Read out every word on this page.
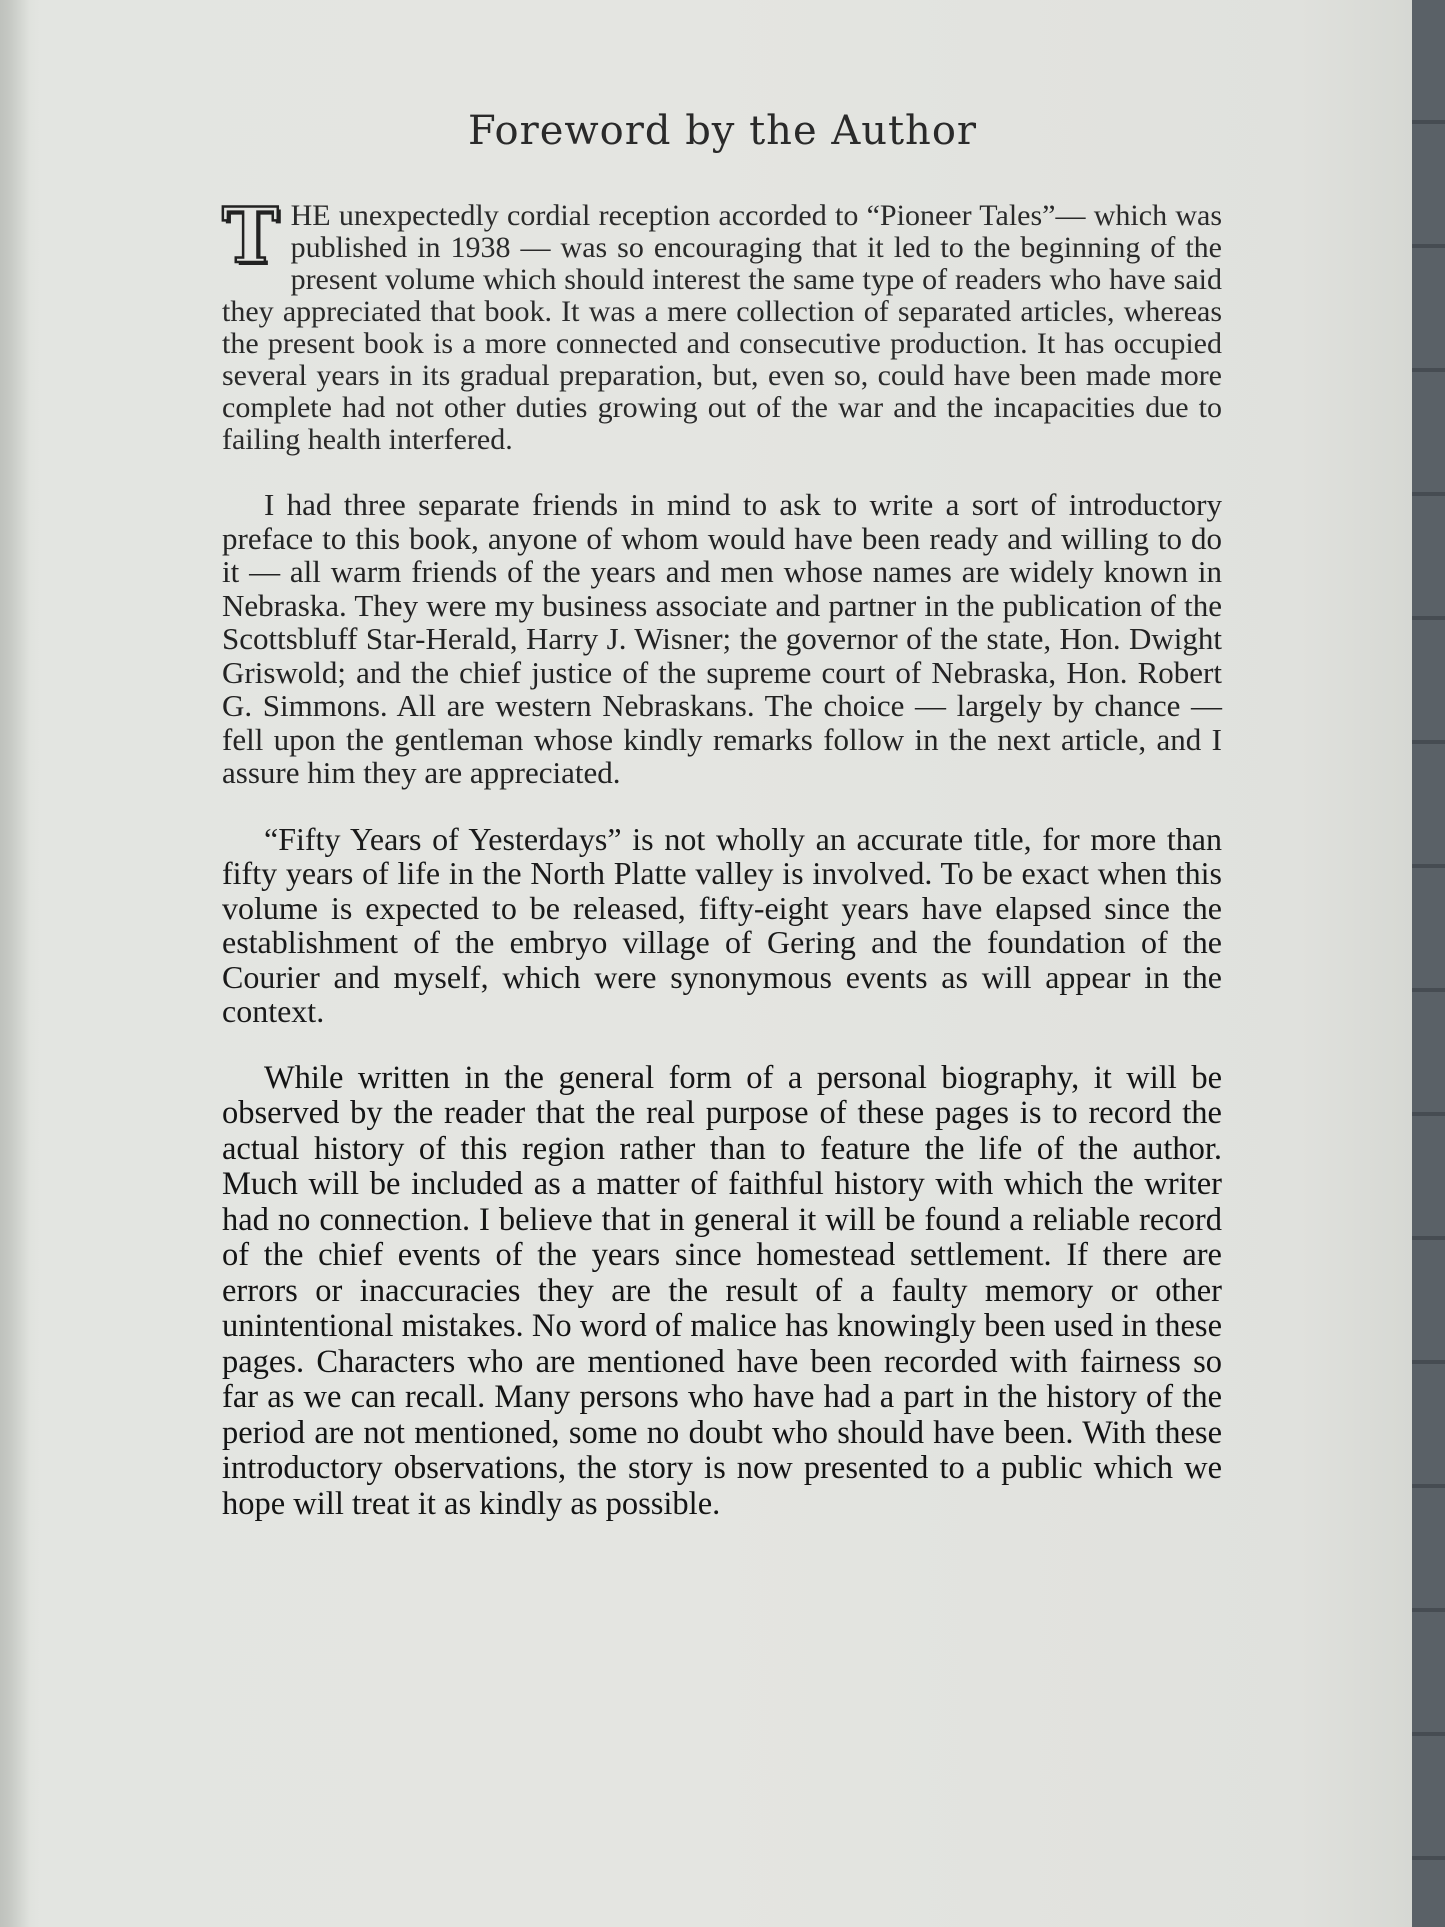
Foreword by the Author

THE unexpectedly cordial reception accorded to “Pioneer Tales”— which was published in 1938 — was so encouraging that it led to the beginning of the present volume which should interest the same type of readers who have said they appreciated that book. It was a mere collection of separated articles, whereas the present book is a more connected and consecutive production. It has occupied several years in its gradual preparation, but, even so, could have been made more complete had not other duties growing out of the war and the incapacities due to failing health interfered.

I had three separate friends in mind to ask to write a sort of introductory preface to this book, anyone of whom would have been ready and willing to do it — all warm friends of the years and men whose names are widely known in Nebraska. They were my business associate and partner in the publication of the Scottsbluff Star-Herald, Harry J. Wisner; the governor of the state, Hon. Dwight Griswold; and the chief justice of the supreme court of Nebraska, Hon. Robert G. Simmons. All are western Nebraskans. The choice — largely by chance — fell upon the gentleman whose kindly remarks follow in the next article, and I assure him they are appreciated.

“Fifty Years of Yesterdays” is not wholly an accurate title, for more than fifty years of life in the North Platte valley is involved. To be exact when this volume is expected to be released, fifty-eight years have elapsed since the establishment of the embryo village of Gering and the foundation of the Courier and myself, which were synonymous events as will appear in the context.

While written in the general form of a personal biography, it will be observed by the reader that the real purpose of these pages is to record the actual history of this region rather than to feature the life of the author. Much will be included as a matter of faithful history with which the writer had no connection. I believe that in general it will be found a reliable record of the chief events of the years since homestead settlement. If there are errors or inaccuracies they are the result of a faulty memory or other unintentional mistakes. No word of malice has knowingly been used in these pages. Characters who are mentioned have been recorded with fairness so far as we can recall. Many persons who have had a part in the history of the period are not mentioned, some no doubt who should have been. With these introductory observations, the story is now presented to a public which we hope will treat it as kindly as possible.
